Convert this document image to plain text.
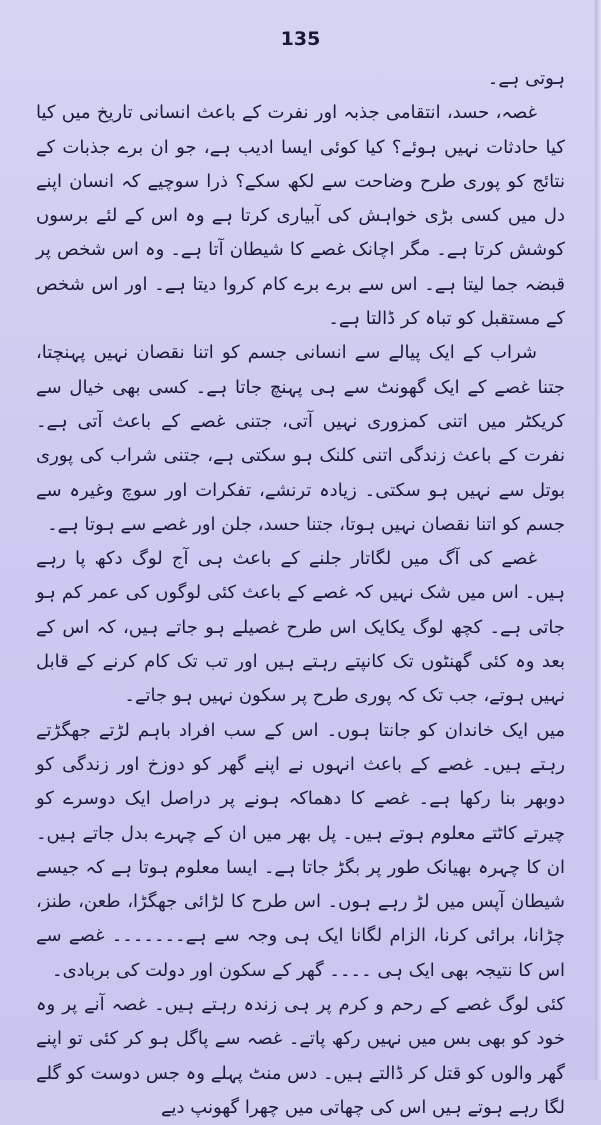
135

ہوتی ہے۔

غصہ، حسد، انتقامی جذبہ اور نفرت کے باعث انسانی تاریخ میں کیا کیا حادثات نہیں ہوئے؟ کیا کوئی ایسا ادیب ہے، جو ان برے جذبات کے نتائج کو پوری طرح وضاحت سے لکھ سکے؟ ذرا سوچیے کہ انسان اپنے دل میں کسی بڑی خواہش کی آبیاری کرتا ہے وہ اس کے لئے برسوں کوشش کرتا ہے۔ مگر اچانک غصے کا شیطان آتا ہے۔ وہ اس شخص پر قبضہ جما لیتا ہے۔ اس سے برے برے کام کروا دیتا ہے۔ اور اس شخص کے مستقبل کو تباہ کر ڈالتا ہے۔

شراب کے ایک پیالے سے انسانی جسم کو اتنا نقصان نہیں پہنچتا، جتنا غصے کے ایک گھونٹ سے ہی پہنچ جاتا ہے۔ کسی بھی خیال سے کریکٹر میں اتنی کمزوری نہیں آتی، جتنی غصے کے باعث آتی ہے۔ نفرت کے باعث زندگی اتنی کلنک ہو سکتی ہے، جتنی شراب کی پوری بوتل سے نہیں ہو سکتی۔ زیادہ ترنشے، تفکرات اور سوچ وغیرہ سے جسم کو اتنا نقصان نہیں ہوتا، جتنا حسد، جلن اور غصے سے ہوتا ہے۔

غصے کی آگ میں لگاتار جلنے کے باعث ہی آج لوگ دکھ پا رہے ہیں۔ اس میں شک نہیں کہ غصے کے باعث کئی لوگوں کی عمر کم ہو جاتی ہے۔ کچھ لوگ یکایک اس طرح غصیلے ہو جاتے ہیں، کہ اس کے بعد وہ کئی گھنٹوں تک کانپتے رہتے ہیں اور تب تک کام کرنے کے قابل نہیں ہوتے، جب تک کہ پوری طرح پر سکون نہیں ہو جاتے۔

میں ایک خاندان کو جانتا ہوں۔ اس کے سب افراد باہم لڑتے جھگڑتے رہتے ہیں۔ غصے کے باعث انہوں نے اپنے گھر کو دوزخ اور زندگی کو دوبھر بنا رکھا ہے۔ غصے کا دھماکہ ہونے پر دراصل ایک دوسرے کو چیرتے کاٹتے معلوم ہوتے ہیں۔ پل بھر میں ان کے چہرے بدل جاتے ہیں۔ ان کا چہرہ بھیانک طور پر بگڑ جاتا ہے۔ ایسا معلوم ہوتا ہے کہ جیسے شیطان آپس میں لڑ رہے ہوں۔ اس طرح کا لڑائی جھگڑا، طعن، طنز، چڑانا، برائی کرنا، الزام لگانا ایک ہی وجہ سے ہے۔۔۔۔۔۔۔ غصے سے اس کا نتیجہ بھی ایک ہی ۔۔۔۔ گھر کے سکون اور دولت کی بربادی۔

کئی لوگ غصے کے رحم و کرم پر ہی زندہ رہتے ہیں۔ غصہ آنے پر وہ خود کو بھی بس میں نہیں رکھ پاتے۔ غصہ سے پاگل ہو کر کئی تو اپنے گھر والوں کو قتل کر ڈالتے ہیں۔ دس منٹ پہلے وہ جس دوست کو گلے لگا رہے ہوتے ہیں اس کی چھاتی میں چھرا گھونپ دیے
